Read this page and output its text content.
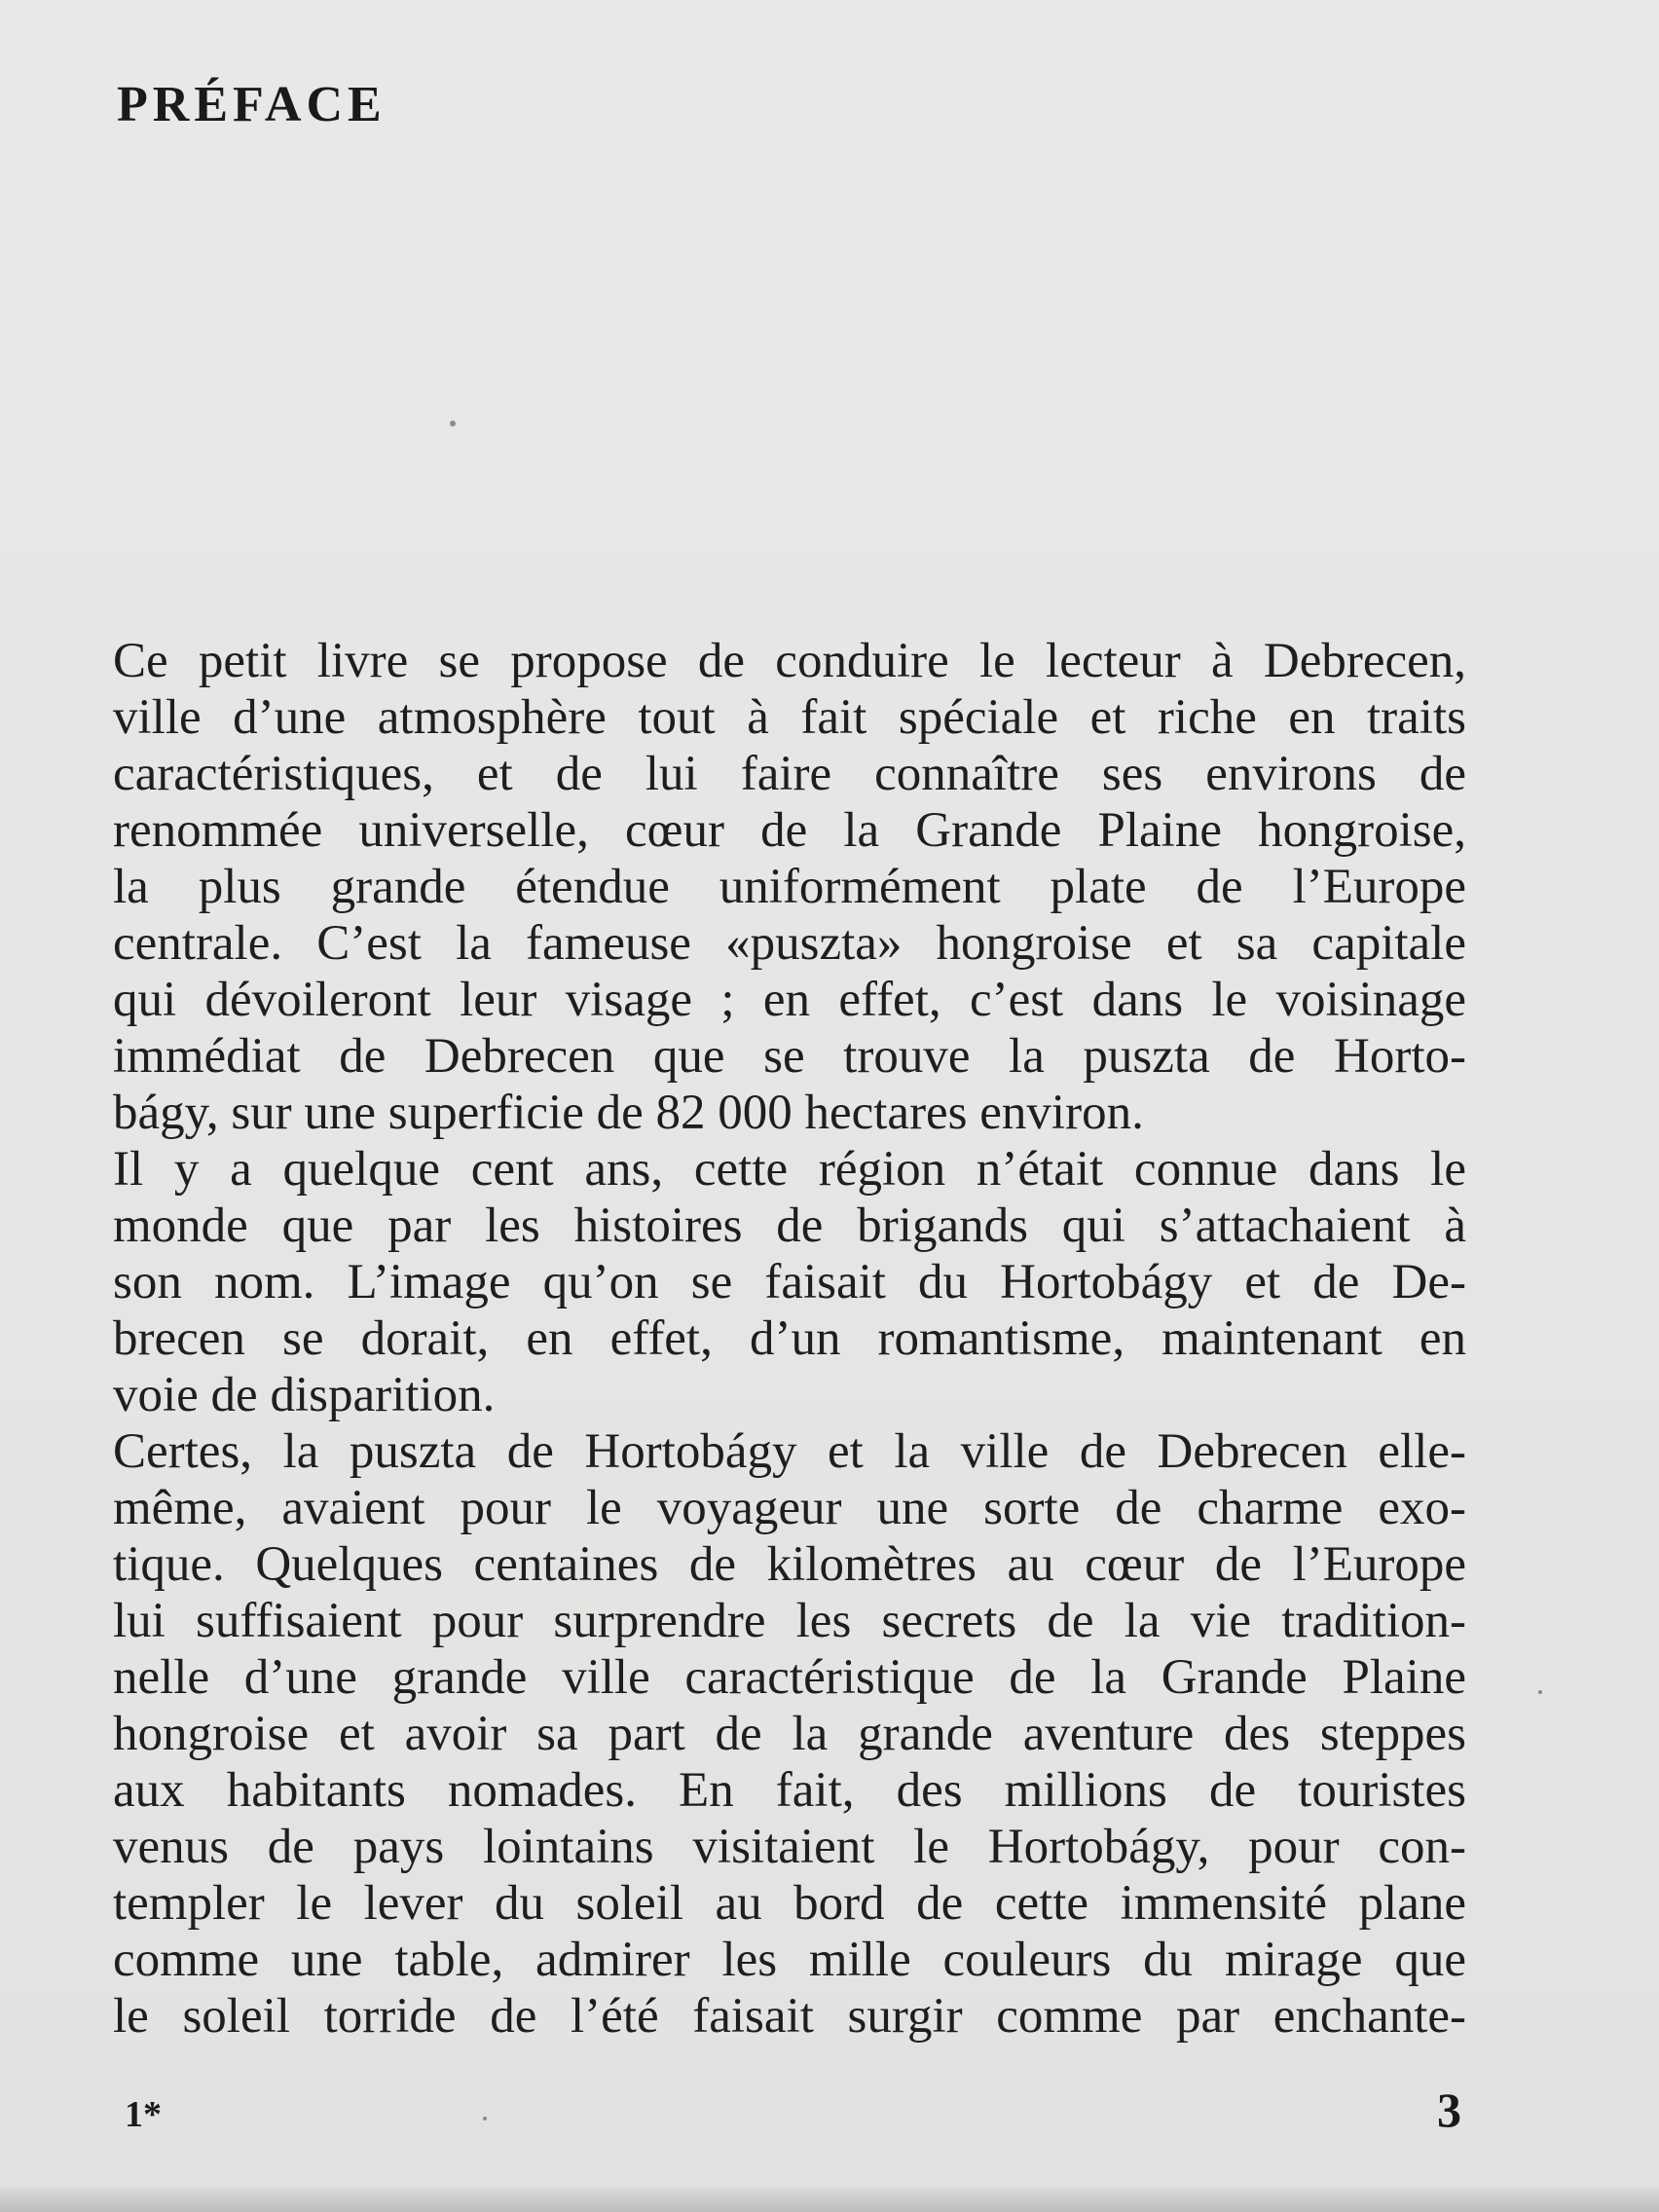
PRÉFACE
Ce petit livre se propose de conduire le lecteur à Debrecen,
ville d’une atmosphère tout à fait spéciale et riche en traits
caractéristiques, et de lui faire connaître ses environs de
renommée universelle, cœur de la Grande Plaine hongroise,
la plus grande étendue uniformément plate de l’Europe
centrale. C’est la fameuse «puszta» hongroise et sa capitale
qui dévoileront leur visage ; en effet, c’est dans le voisinage
immédiat de Debrecen que se trouve la puszta de Horto-
bágy, sur une superficie de 82 000 hectares environ.
Il y a quelque cent ans, cette région n’était connue dans le
monde que par les histoires de brigands qui s’attachaient à
son nom. L’image qu’on se faisait du Hortobágy et de De-
brecen se dorait, en effet, d’un romantisme, maintenant en
voie de disparition.
Certes, la puszta de Hortobágy et la ville de Debrecen elle-
même, avaient pour le voyageur une sorte de charme exo-
tique. Quelques centaines de kilomètres au cœur de l’Europe
lui suffisaient pour surprendre les secrets de la vie tradition-
nelle d’une grande ville caractéristique de la Grande Plaine
hongroise et avoir sa part de la grande aventure des steppes
aux habitants nomades. En fait, des millions de touristes
venus de pays lointains visitaient le Hortobágy, pour con-
templer le lever du soleil au bord de cette immensité plane
comme une table, admirer les mille couleurs du mirage que
le soleil torride de l’été faisait surgir comme par enchante-
1*	3
